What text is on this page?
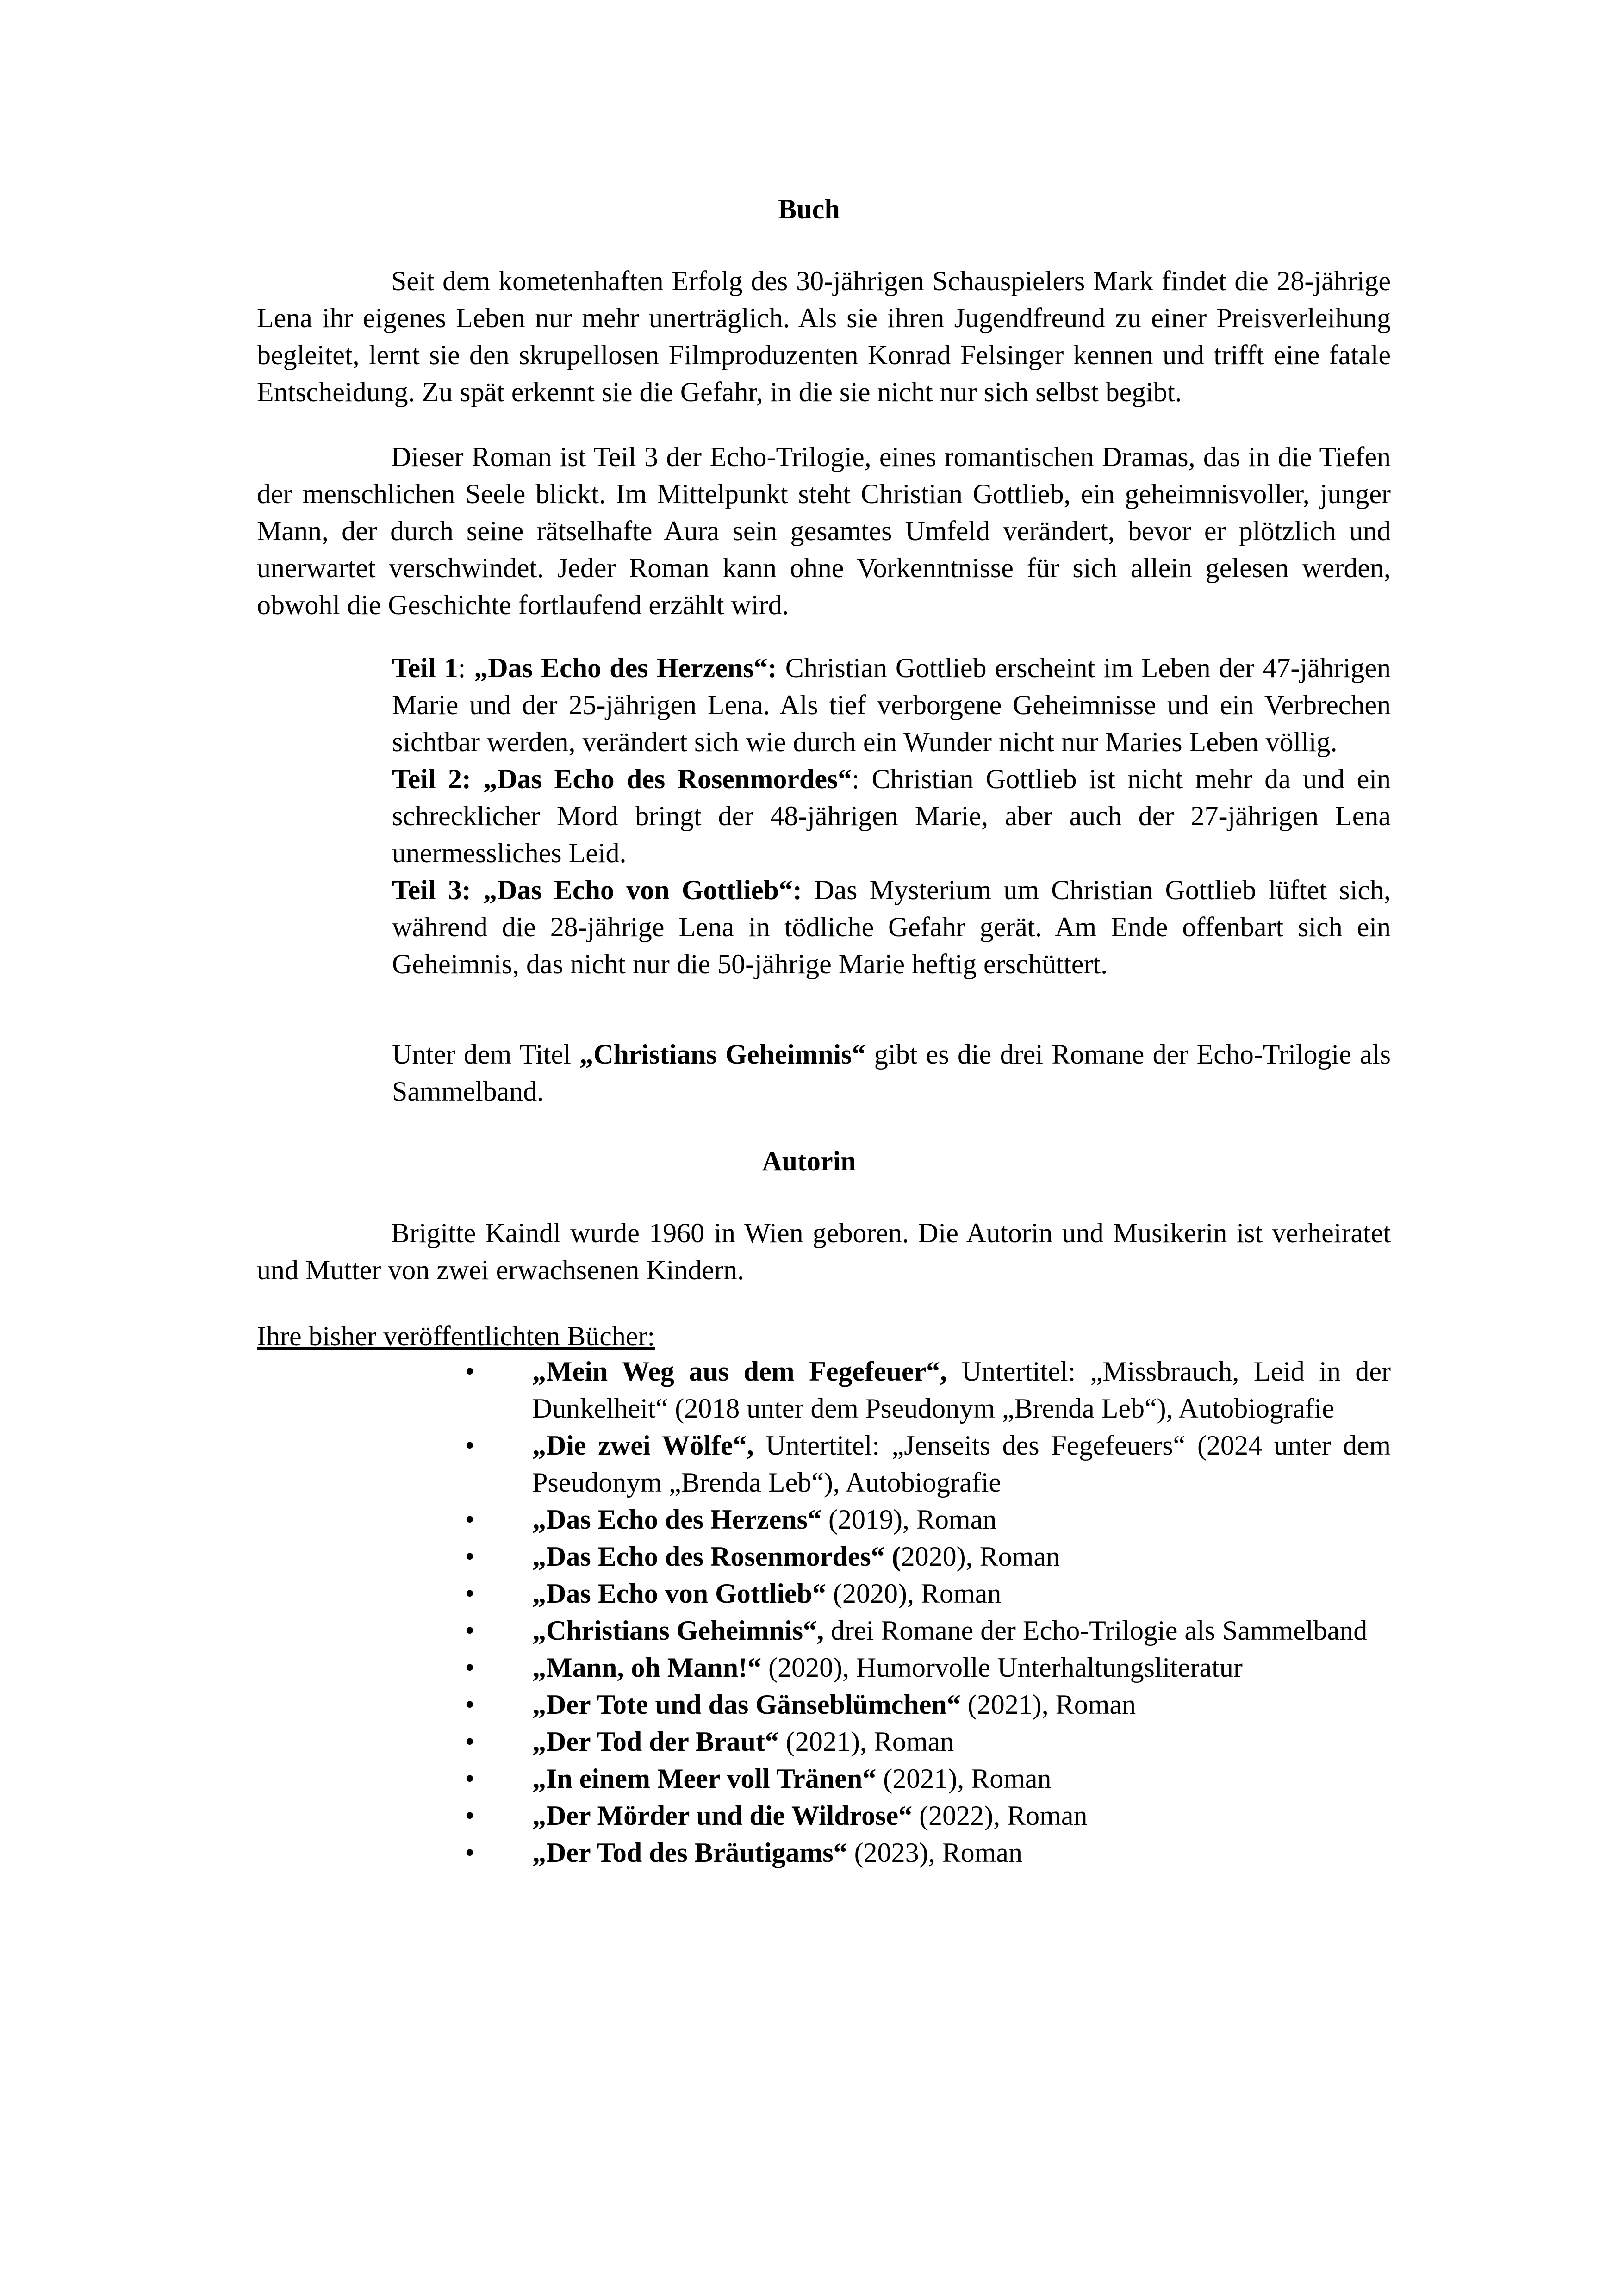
Buch

Seit dem kometenhaften Erfolg des 30-jährigen Schauspielers Mark findet die 28-jährige Lena ihr eigenes Leben nur mehr unerträglich. Als sie ihren Jugendfreund zu einer Preisverleihung begleitet, lernt sie den skrupellosen Filmproduzenten Konrad Felsinger kennen und trifft eine fatale Entscheidung. Zu spät erkennt sie die Gefahr, in die sie nicht nur sich selbst begibt.

Dieser Roman ist Teil 3 der Echo-Trilogie, eines romantischen Dramas, das in die Tiefen der menschlichen Seele blickt. Im Mittelpunkt steht Christian Gottlieb, ein geheimnisvoller, junger Mann, der durch seine rätselhafte Aura sein gesamtes Umfeld verändert, bevor er plötzlich und unerwartet verschwindet. Jeder Roman kann ohne Vorkenntnisse für sich allein gelesen werden, obwohl die Geschichte fortlaufend erzählt wird.

Teil 1: „Das Echo des Herzens“: Christian Gottlieb erscheint im Leben der 47-jährigen Marie und der 25-jährigen Lena. Als tief verborgene Geheimnisse und ein Verbrechen sichtbar werden, verändert sich wie durch ein Wunder nicht nur Maries Leben völlig.

Teil 2: „Das Echo des Rosenmordes“: Christian Gottlieb ist nicht mehr da und ein schrecklicher Mord bringt der 48-jährigen Marie, aber auch der 27-jährigen Lena unermessliches Leid.

Teil 3: „Das Echo von Gottlieb“: Das Mysterium um Christian Gottlieb lüftet sich, während die 28-jährige Lena in tödliche Gefahr gerät. Am Ende offenbart sich ein Geheimnis, das nicht nur die 50-jährige Marie heftig erschüttert.

Unter dem Titel „Christians Geheimnis“ gibt es die drei Romane der Echo-Trilogie als Sammelband.

Autorin

Brigitte Kaindl wurde 1960 in Wien geboren. Die Autorin und Musikerin ist verheiratet und Mutter von zwei erwachsenen Kindern.

Ihre bisher veröffentlichten Bücher:

• „Mein Weg aus dem Fegefeuer“, Untertitel: „Missbrauch, Leid in der Dunkelheit“ (2018 unter dem Pseudonym „Brenda Leb“), Autobiografie
• „Die zwei Wölfe“, Untertitel: „Jenseits des Fegefeuers“ (2024 unter dem Pseudonym „Brenda Leb“), Autobiografie
• „Das Echo des Herzens“ (2019), Roman
• „Das Echo des Rosenmordes“ (2020), Roman
• „Das Echo von Gottlieb“ (2020), Roman
• „Christians Geheimnis“, drei Romane der Echo-Trilogie als Sammelband
• „Mann, oh Mann!“ (2020), Humorvolle Unterhaltungsliteratur
• „Der Tote und das Gänseblümchen“ (2021), Roman
• „Der Tod der Braut“ (2021), Roman
• „In einem Meer voll Tränen“ (2021), Roman
• „Der Mörder und die Wildrose“ (2022), Roman
• „Der Tod des Bräutigams“ (2023), Roman
